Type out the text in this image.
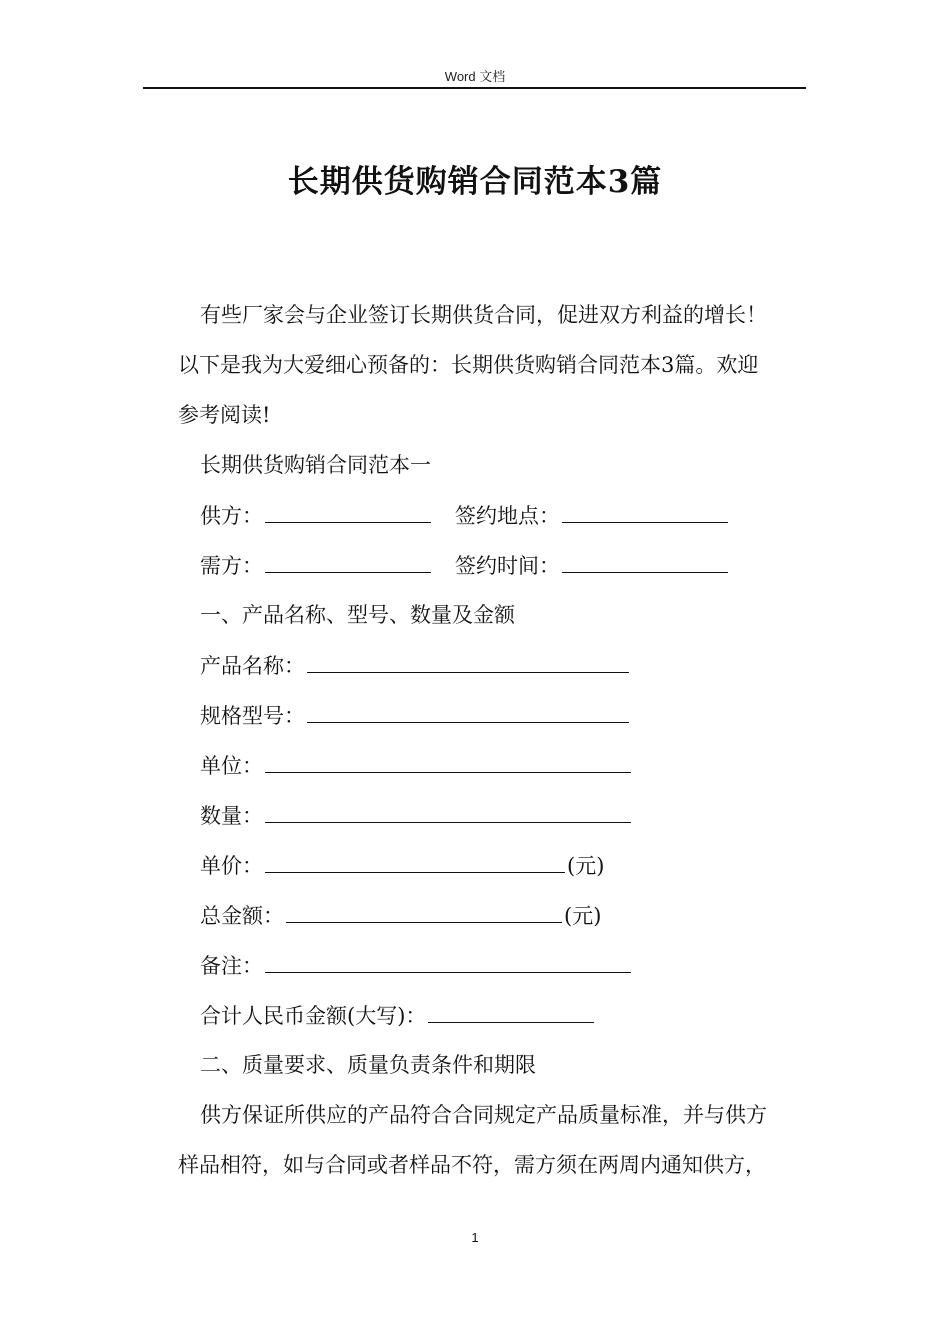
Word 文档
长期供货购销合同范本3篇
有些厂家会与企业签订长期供货合同，促进双方利益的增长！
以下是我为大爱细心预备的：长期供货购销合同范本3篇。欢迎
参考阅读!
长期供货购销合同范本一
供方：	签约地点：
需方：	签约时间：
一、产品名称、型号、数量及金额
产品名称：
规格型号：
单位：
数量：
单价：	(元)
总金额：	(元)
备注：
合计人民币金额(大写)：
二、质量要求、质量负责条件和期限
供方保证所供应的产品符合合同规定产品质量标准，并与供方
样品相符，如与合同或者样品不符，需方须在两周内通知供方，
1
